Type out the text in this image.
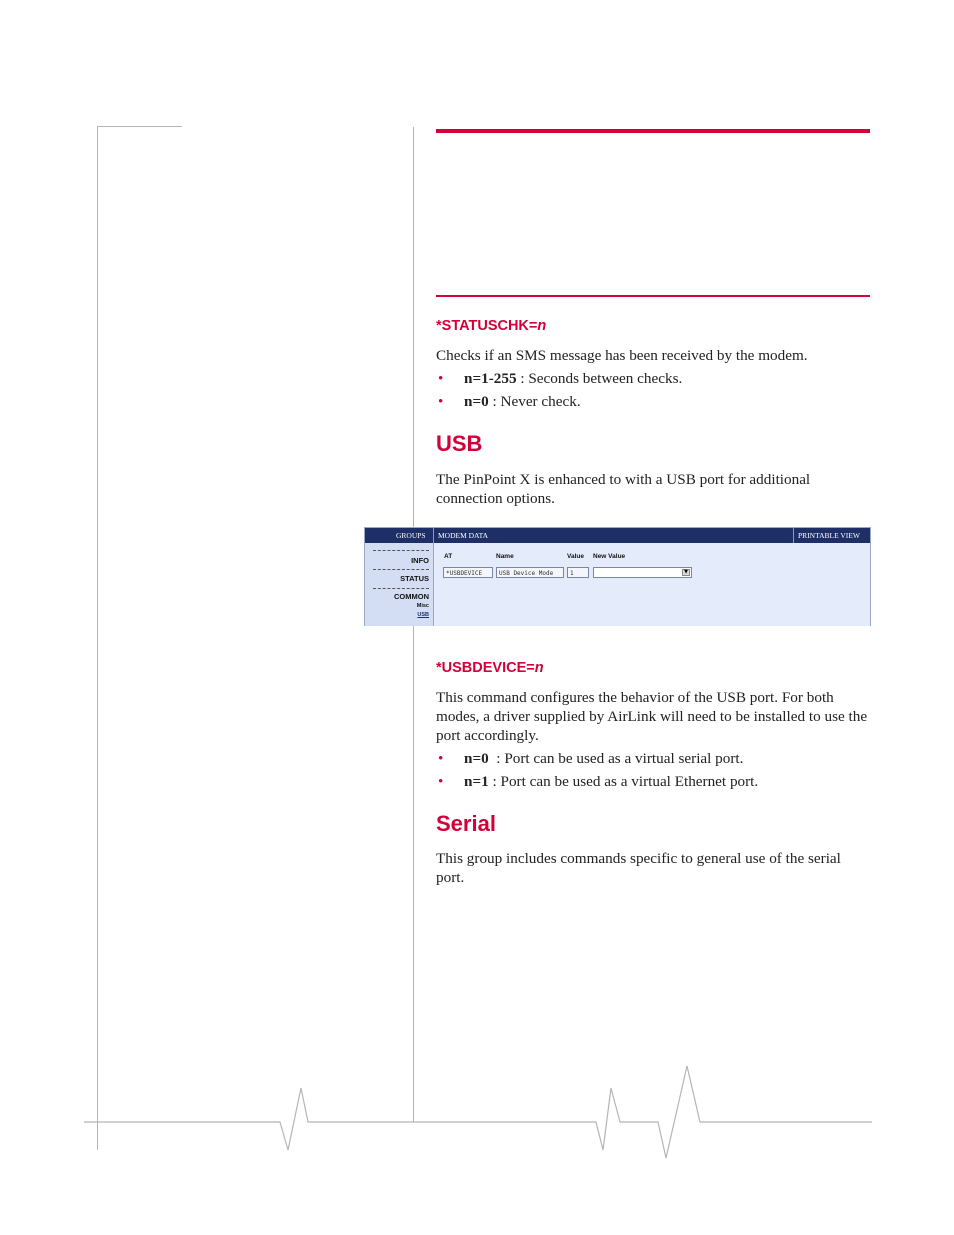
*STATUSCHK=n

Checks if an SMS message has been received by the modem.

• n=1-255 : Seconds between checks.
• n=0 : Never check.
USB

The PinPoint X is enhanced to with a USB port for additional connection options.

GROUPS MODEM DATA	PRINTABLE VIEW
INFO
STATUS
COMMON
Misc
USB
AT	Name	Value New Value
*USBDEVICE	USB Device Mode	1	▼

*USBDEVICE=n

This command configures the behavior of the USB port. For both modes, a driver supplied by AirLink will need to be installed to use the port accordingly.

• n=0  : Port can be used as a virtual serial port.
• n=1 : Port can be used as a virtual Ethernet port.
Serial

This group includes commands specific to general use of the serial port.
